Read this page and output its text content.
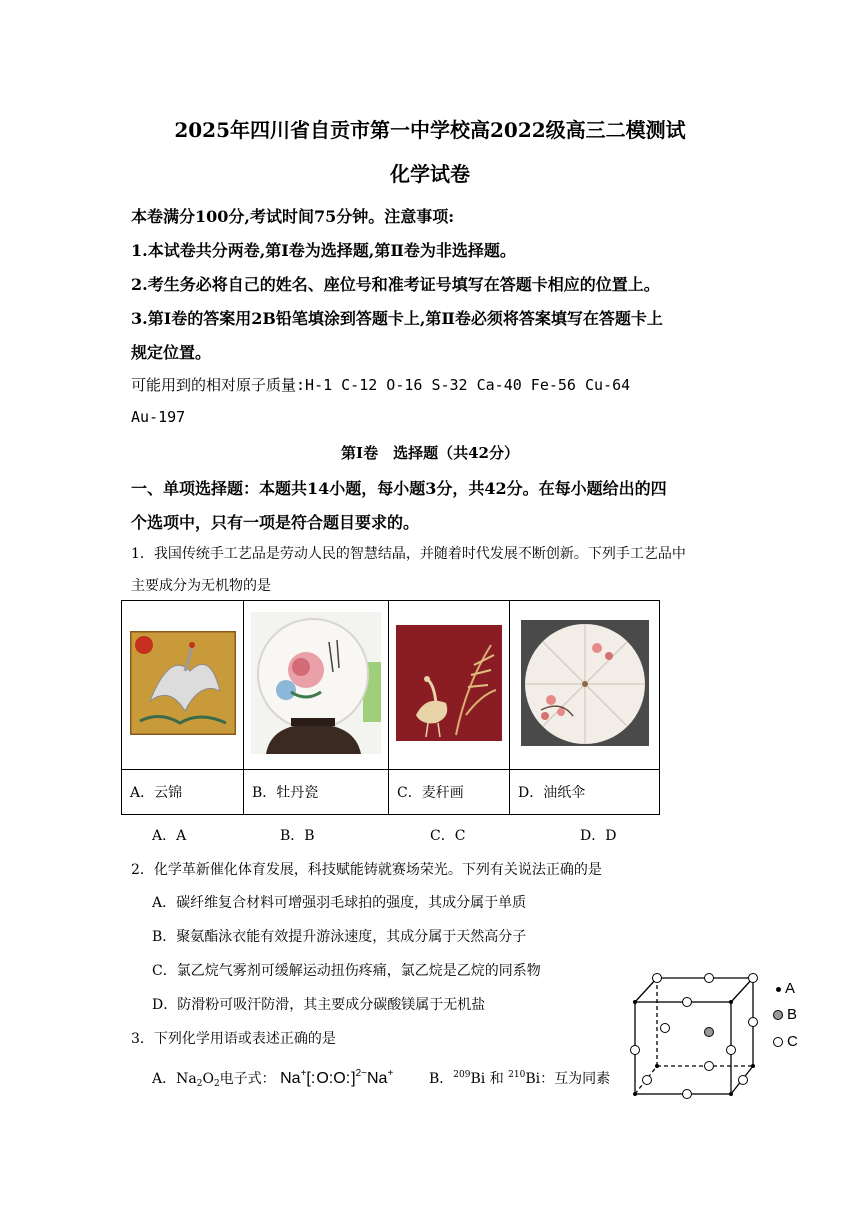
2025年四川省自贡市第一中学校高2022级高三二模测试
化学试卷
本卷满分100分,考试时间75分钟。注意事项:
1.本试卷共分两卷,第Ⅰ卷为选择题,第Ⅱ卷为非选择题。
2.考生务必将自己的姓名、座位号和准考证号填写在答题卡相应的位置上。
3.第Ⅰ卷的答案用2B铅笔填涂到答题卡上,第Ⅱ卷必须将答案填写在答题卡上
规定位置。
可能用到的相对原子质量:H-1 C-12 O-16 S-32 Ca-40 Fe-56 Cu-64
Au-197
第Ⅰ卷　选择题（共42分）
一、单项选择题：本题共14小题，每小题3分，共42分。在每小题给出的四
个选项中，只有一项是符合题目要求的。
1．我国传统手工艺品是劳动人民的智慧结晶，并随着时代发展不断创新。下列手工艺品中
主要成分为无机物的是

A．云锦	B．牡丹瓷	C．麦秆画	D．油纸伞
A．A	B．B	C．C	D．D
2．化学革新催化体育发展，科技赋能铸就赛场荣光。下列有关说法正确的是
A．碳纤维复合材料可增强羽毛球拍的强度，其成分属于单质
B．聚氨酯泳衣能有效提升游泳速度，其成分属于天然高分子
C．氯乙烷气雾剂可缓解运动扭伤疼痛，氯乙烷是乙烷的同系物
D．防滑粉可吸汗防滑，其主要成分碳酸镁属于无机盐
3．下列化学用语或表述正确的是
A．$Na_2O_2$电子式： Na+[:O:O:]$^{2-}$Na+	B．$^{209}$Bi 和 $^{210}$Bi：互为同素
A
B
C
